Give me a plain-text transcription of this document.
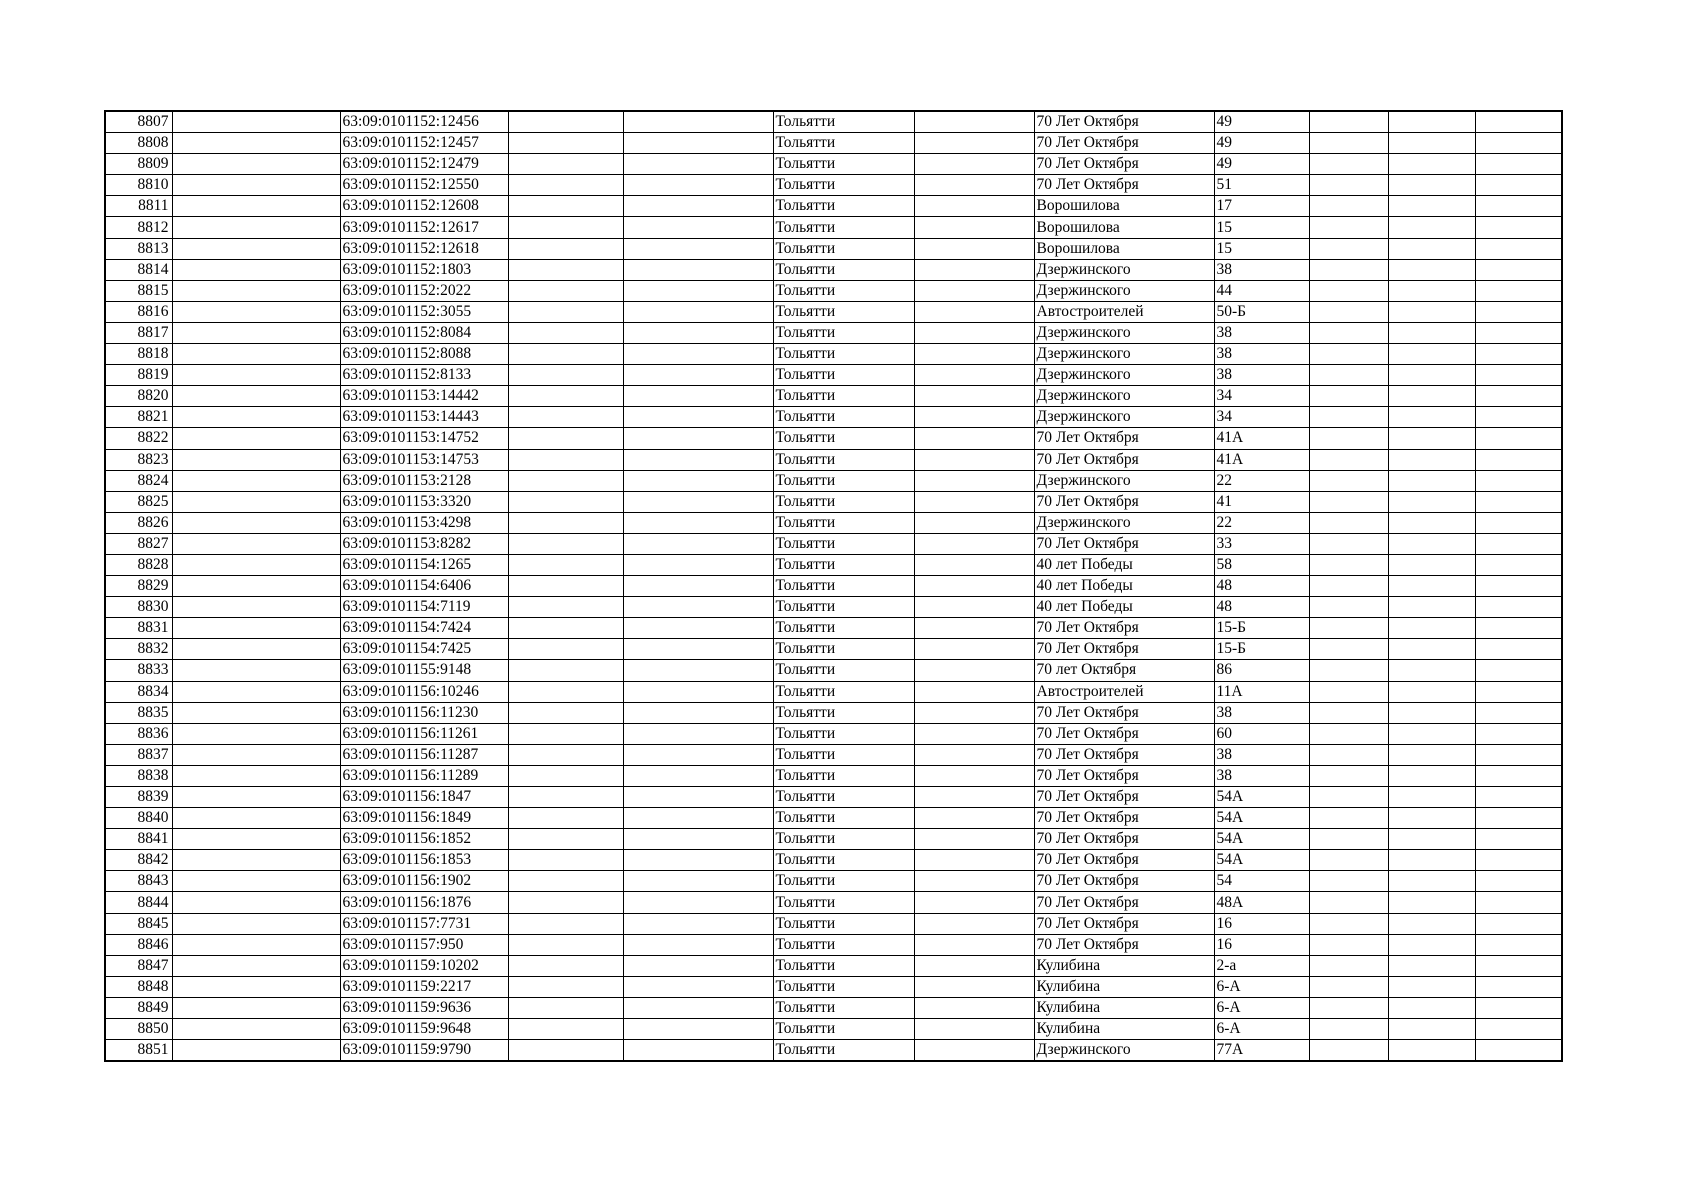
8807		63:09:0101152:12456			Тольятти		70 Лет Октября	49			
8808		63:09:0101152:12457			Тольятти		70 Лет Октября	49			
8809		63:09:0101152:12479			Тольятти		70 Лет Октября	49			
8810		63:09:0101152:12550			Тольятти		70 Лет Октября	51			
8811		63:09:0101152:12608			Тольятти		Ворошилова	17			
8812		63:09:0101152:12617			Тольятти		Ворошилова	15			
8813		63:09:0101152:12618			Тольятти		Ворошилова	15			
8814		63:09:0101152:1803			Тольятти		Дзержинского	38			
8815		63:09:0101152:2022			Тольятти		Дзержинского	44			
8816		63:09:0101152:3055			Тольятти		Автостроителей	50-Б			
8817		63:09:0101152:8084			Тольятти		Дзержинского	38			
8818		63:09:0101152:8088			Тольятти		Дзержинского	38			
8819		63:09:0101152:8133			Тольятти		Дзержинского	38			
8820		63:09:0101153:14442			Тольятти		Дзержинского	34			
8821		63:09:0101153:14443			Тольятти		Дзержинского	34			
8822		63:09:0101153:14752			Тольятти		70 Лет Октября	41А			
8823		63:09:0101153:14753			Тольятти		70 Лет Октября	41А			
8824		63:09:0101153:2128			Тольятти		Дзержинского	22			
8825		63:09:0101153:3320			Тольятти		70 Лет Октября	41			
8826		63:09:0101153:4298			Тольятти		Дзержинского	22			
8827		63:09:0101153:8282			Тольятти		70 Лет Октября	33			
8828		63:09:0101154:1265			Тольятти		40 лет Победы	58			
8829		63:09:0101154:6406			Тольятти		40 лет Победы	48			
8830		63:09:0101154:7119			Тольятти		40 лет Победы	48			
8831		63:09:0101154:7424			Тольятти		70 Лет Октября	15-Б			
8832		63:09:0101154:7425			Тольятти		70 Лет Октября	15-Б			
8833		63:09:0101155:9148			Тольятти		70 лет Октября	86			
8834		63:09:0101156:10246			Тольятти		Автостроителей	11А			
8835		63:09:0101156:11230			Тольятти		70 Лет Октября	38			
8836		63:09:0101156:11261			Тольятти		70 Лет Октября	60			
8837		63:09:0101156:11287			Тольятти		70 Лет Октября	38			
8838		63:09:0101156:11289			Тольятти		70 Лет Октября	38			
8839		63:09:0101156:1847			Тольятти		70 Лет Октября	54А			
8840		63:09:0101156:1849			Тольятти		70 Лет Октября	54А			
8841		63:09:0101156:1852			Тольятти		70 Лет Октября	54А			
8842		63:09:0101156:1853			Тольятти		70 Лет Октября	54А			
8843		63:09:0101156:1902			Тольятти		70 Лет Октября	54			
8844		63:09:0101156:1876			Тольятти		70 Лет Октября	48А			
8845		63:09:0101157:7731			Тольятти		70 Лет Октября	16			
8846		63:09:0101157:950			Тольятти		70 Лет Октября	16			
8847		63:09:0101159:10202			Тольятти		Кулибина	2-а			
8848		63:09:0101159:2217			Тольятти		Кулибина	6-А			
8849		63:09:0101159:9636			Тольятти		Кулибина	6-А			
8850		63:09:0101159:9648			Тольятти		Кулибина	6-А			
8851		63:09:0101159:9790			Тольятти		Дзержинского	77А			
